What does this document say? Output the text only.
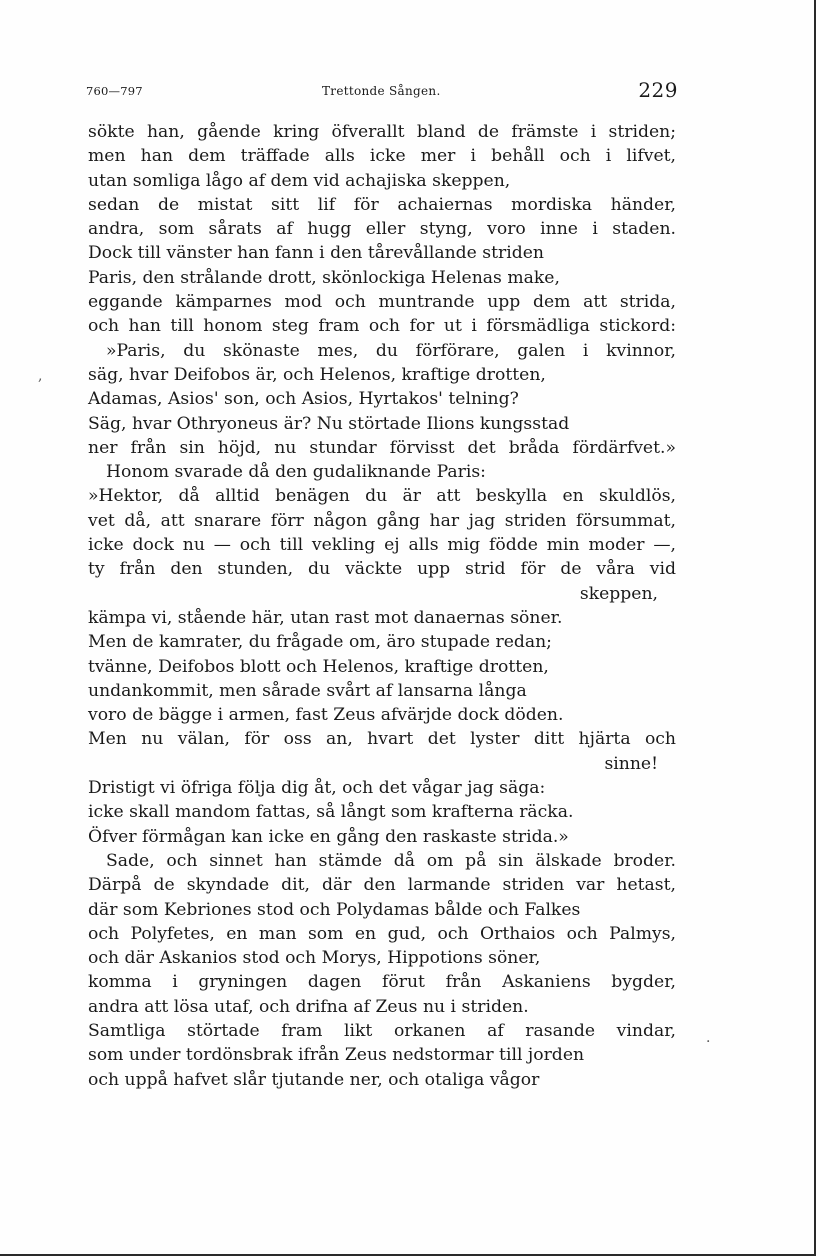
760—797	Trettonde Sången.	229
sökte han, gående kring öfverallt bland de främste i striden;
men han dem träffade alls icke mer i behåll och i lifvet,
utan somliga lågo af dem vid achajiska skeppen,
sedan de mistat sitt lif för achaiernas mordiska händer,
andra, som sårats af hugg eller styng, voro inne i staden.
Dock till vänster han fann i den tårevållande striden
Paris, den strålande drott, skönlockiga Helenas make,
eggande kämparnes mod och muntrande upp dem att strida,
och han till honom steg fram och for ut i försmädliga stickord:
»Paris, du skönaste mes, du förförare, galen i kvinnor,
säg, hvar Deifobos är, och Helenos, kraftige drotten,
Adamas, Asios' son, och Asios, Hyrtakos' telning?
Säg, hvar Othryoneus är? Nu störtade Ilions kungsstad
ner från sin höjd, nu stundar förvisst det bråda fördärfvet.»
Honom svarade då den gudaliknande Paris:
»Hektor, då alltid benägen du är att beskylla en skuldlös,
vet då, att snarare förr någon gång har jag striden försummat,
icke dock nu — och till vekling ej alls mig födde min moder —,
ty från den stunden, du väckte upp strid för de våra vid
skeppen,
kämpa vi, stående här, utan rast mot danaernas söner.
Men de kamrater, du frågade om, äro stupade redan;
tvänne, Deifobos blott och Helenos, kraftige drotten,
undankommit, men sårade svårt af lansarna långa
voro de bägge i armen, fast Zeus afvärjde dock döden.
Men nu välan, för oss an, hvart det lyster ditt hjärta och
sinne!
Dristigt vi öfriga följa dig åt, och det vågar jag säga:
icke skall mandom fattas, så långt som krafterna räcka.
Öfver förmågan kan icke en gång den raskaste strida.»
Sade, och sinnet han stämde då om på sin älskade broder.
Därpå de skyndade dit, där den larmande striden var hetast,
där som Kebriones stod och Polydamas bålde och Falkes
och Polyfetes, en man som en gud, och Orthaios och Palmys,
och där Askanios stod och Morys, Hippotions söner,
komma i gryningen dagen förut från Askaniens bygder,
andra att lösa utaf, och drifna af Zeus nu i striden.
Samtliga störtade fram likt orkanen af rasande vindar,
som under tordönsbrak ifrån Zeus nedstormar till jorden
och uppå hafvet slår tjutande ner, och otaliga vågor
,
·
